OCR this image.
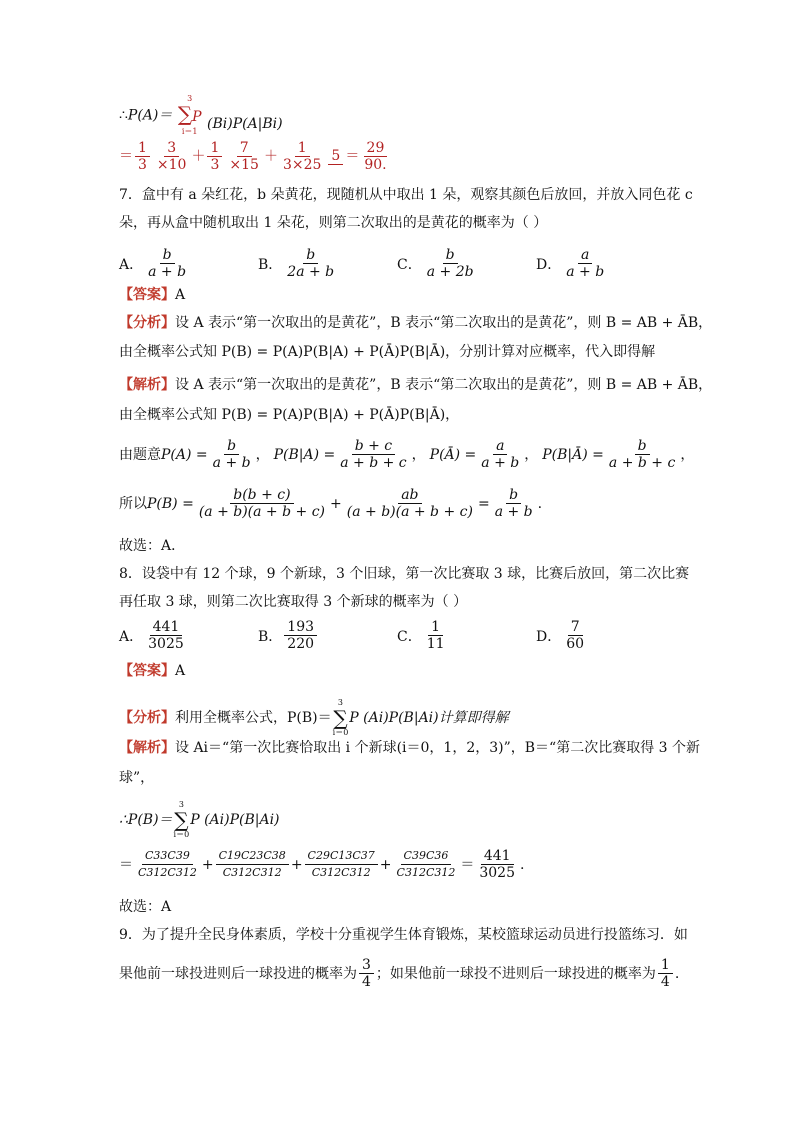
∴P(A)＝
3
∑P
i＝1 (Bi)P(A|Bi)
＝ $\frac{1}{3} \frac{3}{\times 10} + \frac{1}{3} \frac{7}{\times 15} + \frac{1}{3\times 25} 5 = \frac{29}{90.}$
7．盒中有 a 朵红花，b 朵黄花，现随机从中取出 1 朵，观察其颜色后放回，并放入同色花 c
朵，再从盒中随机取出 1 朵花，则第二次取出的是黄花的概率为（ ）
A． $\frac{b}{a + b}$	B． $\frac{b}{2a + b}$	C． $\frac{b}{a + 2b}$	D． $\frac{a}{a + b}$
【答案】A
【分析】设 A 表示“第一次取出的是黄花”，B 表示“第二次取出的是黄花”，则 B = AB + ĀB，
由全概率公式知 P(B) = P(A)P(B|A) + P(Ā)P(B|Ā)，分别计算对应概率，代入即得解
【解析】设 A 表示“第一次取出的是黄花”，B 表示“第二次取出的是黄花”，则 B = AB + ĀB，
由全概率公式知 P(B) = P(A)P(B|A) + P(Ā)P(B|Ā)，
由题意 $P(A) = \frac{b}{a + b}$ ， $P(B|A) = \frac{b + c}{a + b + c}$ ， P(Ā) = $\frac{a}{a + b}$ ， P(B|Ā) = $\frac{b}{a + b + c}$ ，
所以 $P(B) = \frac{b(b + c)}{(a + b)(a + b + c)} + \frac{ab}{(a + b)(a + b + c)} = \frac{b}{a + b}$ .
故选：A．
8．设袋中有 12 个球，9 个新球，3 个旧球，第一次比赛取 3 球，比赛后放回，第二次比赛
再任取 3 球，则第二次比赛取得 3 个新球的概率为（ ）
A． $\frac{441}{3025}$	B． $\frac{193}{220}$	C． $\frac{1}{11}$	D． $\frac{7}{60}$
【答案】A
【分析】 利用全概率公式，P(B)＝
3
∑
i＝0
P (Ai)P(B|Ai)计算即得解
【解析】设 Ai＝“第一次比赛恰取出 i 个新球(i＝0，1，2，3)”，B＝“第二次比赛取得 3 个新
球”，
∴P(B)＝
3
∑
i＝0
P (Ai)P(B|Ai)
＝ $\frac{C33C39}{C312C312} + \frac{C19C23C38}{C312C312} + \frac{C29C13C37}{C312C312} + \frac{C39C36}{C312C312} = \frac{441}{3025}$ .
故选：A
9．为了提升全民身体素质，学校十分重视学生体育锻炼，某校篮球运动员进行投篮练习．如
果他前一球投进则后一球投进的概率为 $\frac{3}{4}$ ；如果他前一球投不进则后一球投进的概率为 $\frac{1}{4}$ .
